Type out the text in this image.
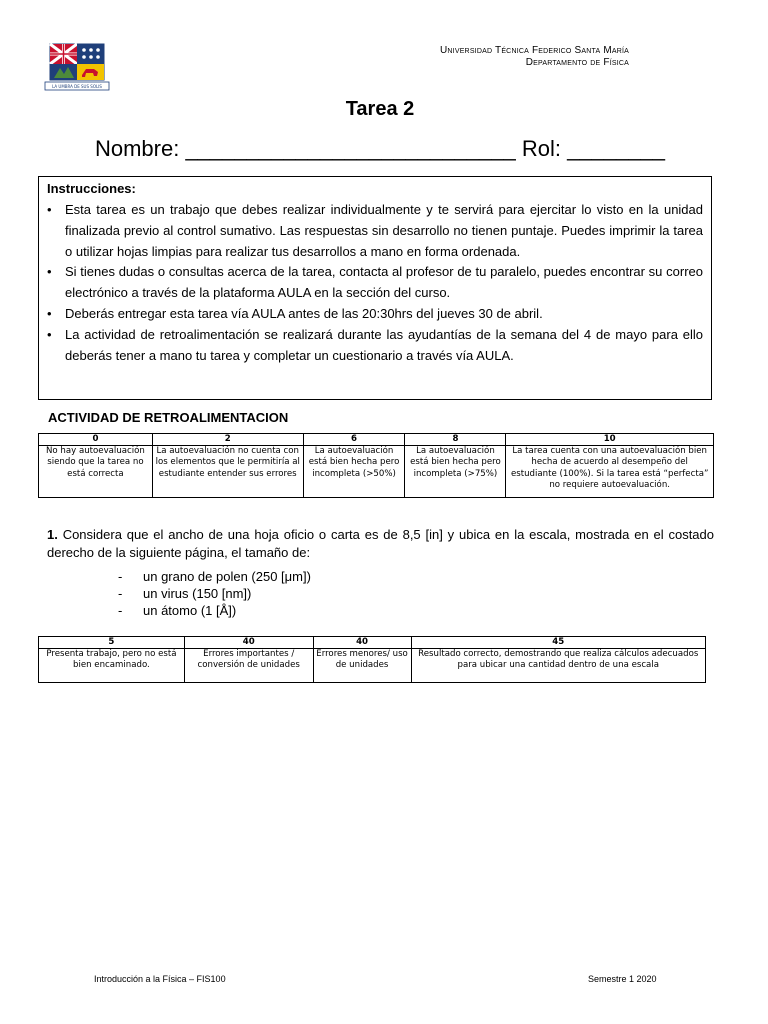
LA UMBRA DE SUS SOLIS
Universidad Técnica Federico Santa María
Departamento de Física
Tarea 2
Nombre: ___________________________ Rol: ________
Instrucciones:
• Esta tarea es un trabajo que debes realizar individualmente y te servirá para ejercitar lo visto en la unidad finalizada previo al control sumativo. Las respuestas sin desarrollo no tienen puntaje. Puedes imprimir la tarea o utilizar hojas limpias para realizar tus desarrollos a mano en forma ordenada.
• Si tienes dudas o consultas acerca de la tarea, contacta al profesor de tu paralelo, puedes encontrar su correo electrónico a través de la plataforma AULA en la sección del curso.
• Deberás entregar esta tarea vía AULA antes de las 20:30hrs del jueves 30 de abril.
• La actividad de retroalimentación se realizará durante las ayudantías de la semana del 4 de mayo para ello deberás tener a mano tu tarea y completar un cuestionario a través vía AULA.
ACTIVIDAD DE RETROALIMENTACION
0	2	6	8	10
No hay autoevaluación siendo que la tarea no está correcta	La autoevaluación no cuenta con los elementos que le permitiría al estudiante entender sus errores	La autoevaluación está bien hecha pero incompleta (>50%)	La autoevaluación está bien hecha pero incompleta (>75%)	La tarea cuenta con una autoevaluación bien hecha de acuerdo al desempeño del estudiante (100%). Si la tarea está “perfecta” no requiere autoevaluación.
1. Considera que el ancho de una hoja oficio o carta es de 8,5 [in] y ubica en la escala, mostrada en el costado derecho de la siguiente página, el tamaño de:
- un grano de polen (250 [μm])
- un virus (150 [nm])
- un átomo (1 [Å])
5	40	40	45
Presenta trabajo, pero no está bien encaminado.	Errores importantes / conversión de unidades	Errores menores/ uso de unidades	Resultado correcto, demostrando que realiza cálculos adecuados para ubicar una cantidad dentro de una escala
Introducción a la Física – FIS100	Semestre 1 2020
